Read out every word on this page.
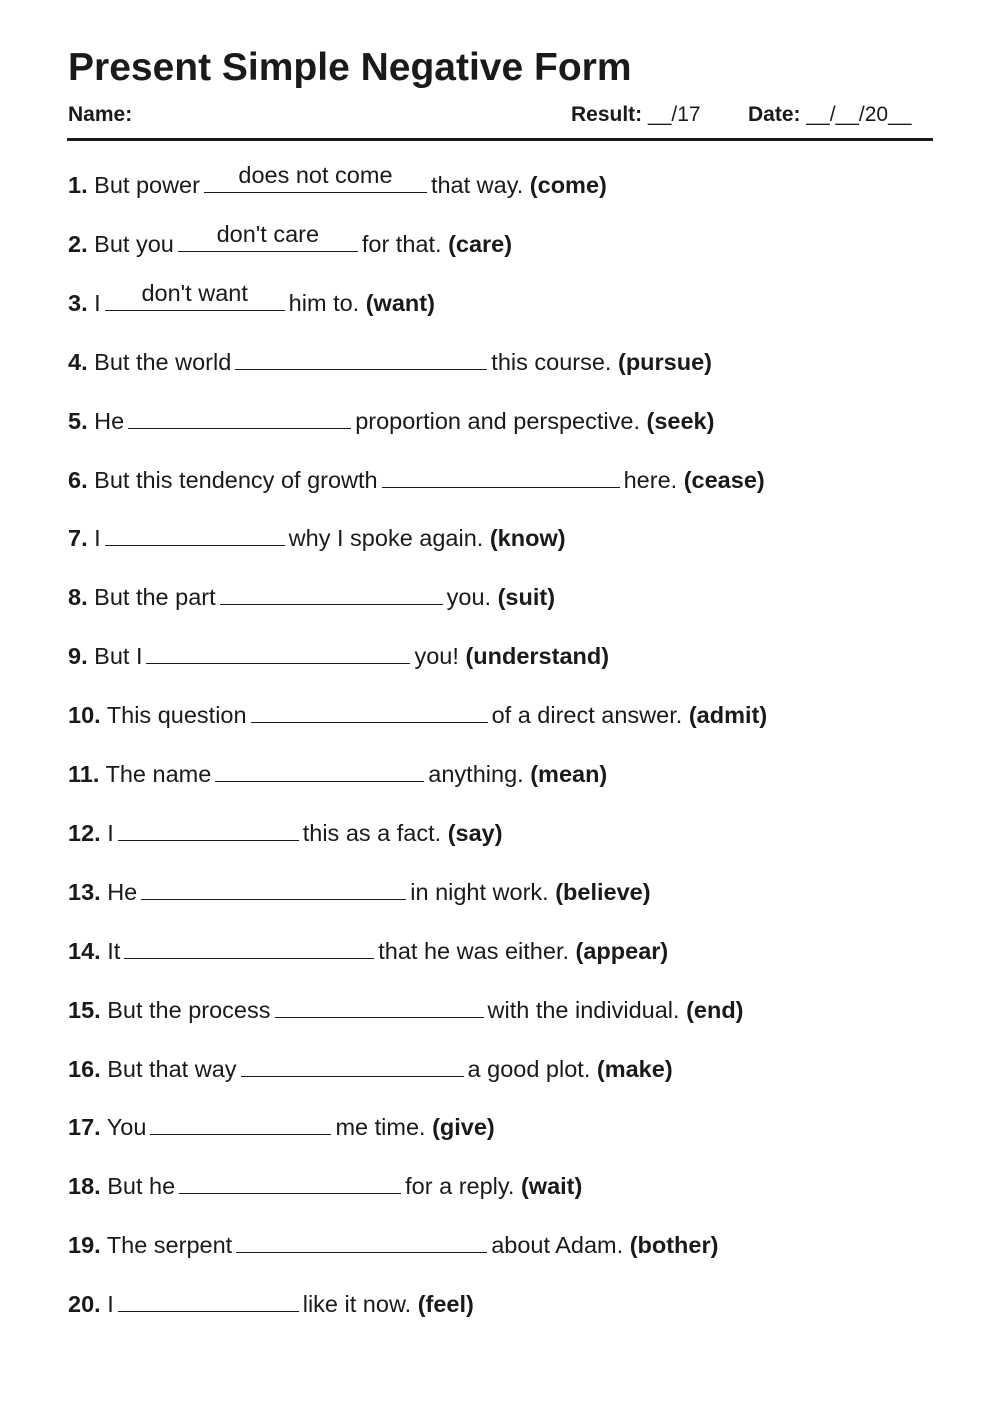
Present Simple Negative Form
Name:	Result: __/17 Date: __/__/20__
1. But power	does not come	that way. (come)
2. But you	don't care	for that. (care)
3. I	don't want	him to. (want)
4. But the world	this course. (pursue)
5. He	proportion and perspective. (seek)
6. But this tendency of growth	here. (cease)
7. I	why I spoke again. (know)
8. But the part	you. (suit)
9. But I	you! (understand)
10. This question	of a direct answer. (admit)
11. The name	anything. (mean)
12. I	this as a fact. (say)
13. He	in night work. (believe)
14. It	that he was either. (appear)
15. But the process	with the individual. (end)
16. But that way	a good plot. (make)
17. You	me time. (give)
18. But he	for a reply. (wait)
19. The serpent	about Adam. (bother)
20. I	like it now. (feel)
